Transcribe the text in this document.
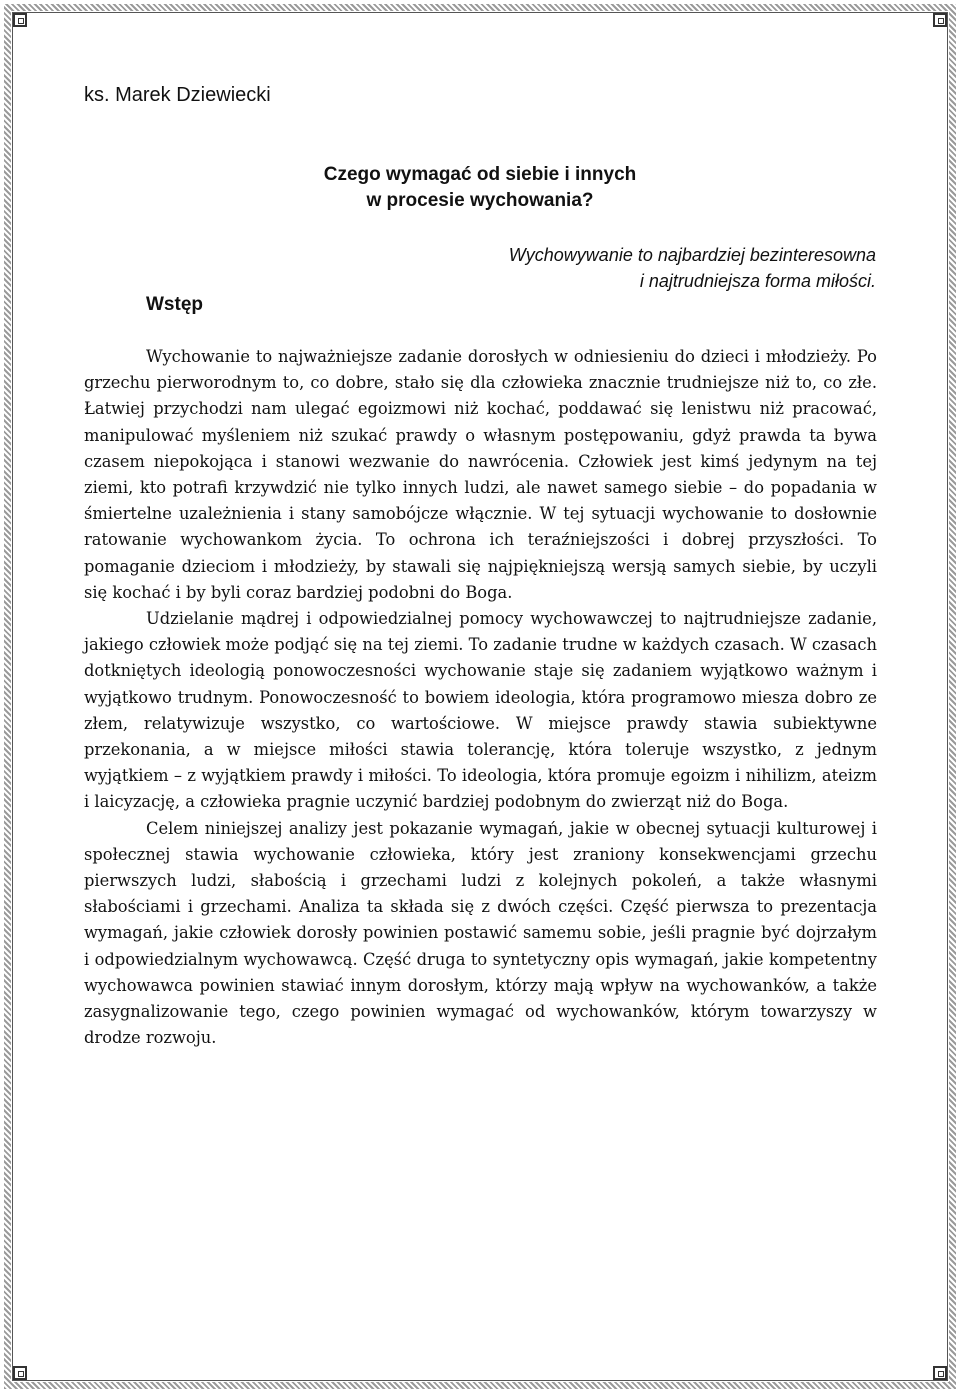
ks. Marek Dziewiecki

Czego wymagać od siebie i innych
w procesie wychowania?
Wychowywanie to najbardziej bezinteresowna
i najtrudniejsza forma miłości.
Wstęp

Wychowanie to najważniejsze zadanie dorosłych w odniesieniu do dzieci i młodzieży. Po grzechu pierworodnym to, co dobre, stało się dla człowieka znacznie trudniejsze niż to, co złe. Łatwiej przychodzi nam ulegać egoizmowi niż kochać, poddawać się lenistwu niż pracować, manipulować myśleniem niż szukać prawdy o własnym postępowaniu, gdyż prawda ta bywa czasem niepokojąca i stanowi wezwanie do nawrócenia. Człowiek jest kimś jedynym na tej ziemi, kto potrafi krzywdzić nie tylko innych ludzi, ale nawet samego siebie – do popadania w śmiertelne uzależnienia i stany samobójcze włącznie. W tej sytuacji wychowanie to dosłownie ratowanie wychowankom życia. To ochrona ich teraźniejszości i dobrej przyszłości. To pomaganie dzieciom i młodzieży, by stawali się najpiękniejszą wersją samych siebie, by uczyli się kochać i by byli coraz bardziej podobni do Boga.

Udzielanie mądrej i odpowiedzialnej pomocy wychowawczej to najtrudniejsze zadanie, jakiego człowiek może podjąć się na tej ziemi. To zadanie trudne w każdych czasach. W czasach dotkniętych ideologią ponowoczesności wychowanie staje się zadaniem wyjątkowo ważnym i wyjątkowo trudnym. Ponowoczesność to bowiem ideologia, która programowo miesza dobro ze złem, relatywizuje wszystko, co wartościowe. W miejsce prawdy stawia subiektywne przekonania, a w miejsce miłości stawia tolerancję, która toleruje wszystko, z jednym wyjątkiem – z wyjątkiem prawdy i miłości. To ideologia, która promuje egoizm i nihilizm, ateizm i laicyzację, a człowieka pragnie uczynić bardziej podobnym do zwierząt niż do Boga.

Celem niniejszej analizy jest pokazanie wymagań, jakie w obecnej sytuacji kulturowej i społecznej stawia wychowanie człowieka, który jest zraniony konsekwencjami grzechu pierwszych ludzi, słabością i grzechami ludzi z kolejnych pokoleń, a także własnymi słabościami i grzechami. Analiza ta składa się z dwóch części. Część pierwsza to prezentacja wymagań, jakie człowiek dorosły powinien postawić samemu sobie, jeśli pragnie być dojrzałym i odpowiedzialnym wychowawcą. Część druga to syntetyczny opis wymagań, jakie kompetentny wychowawca powinien stawiać innym dorosłym, którzy mają wpływ na wychowanków, a także zasygnalizowanie tego, czego powinien wymagać od wychowanków, którym towarzyszy w drodze rozwoju.
